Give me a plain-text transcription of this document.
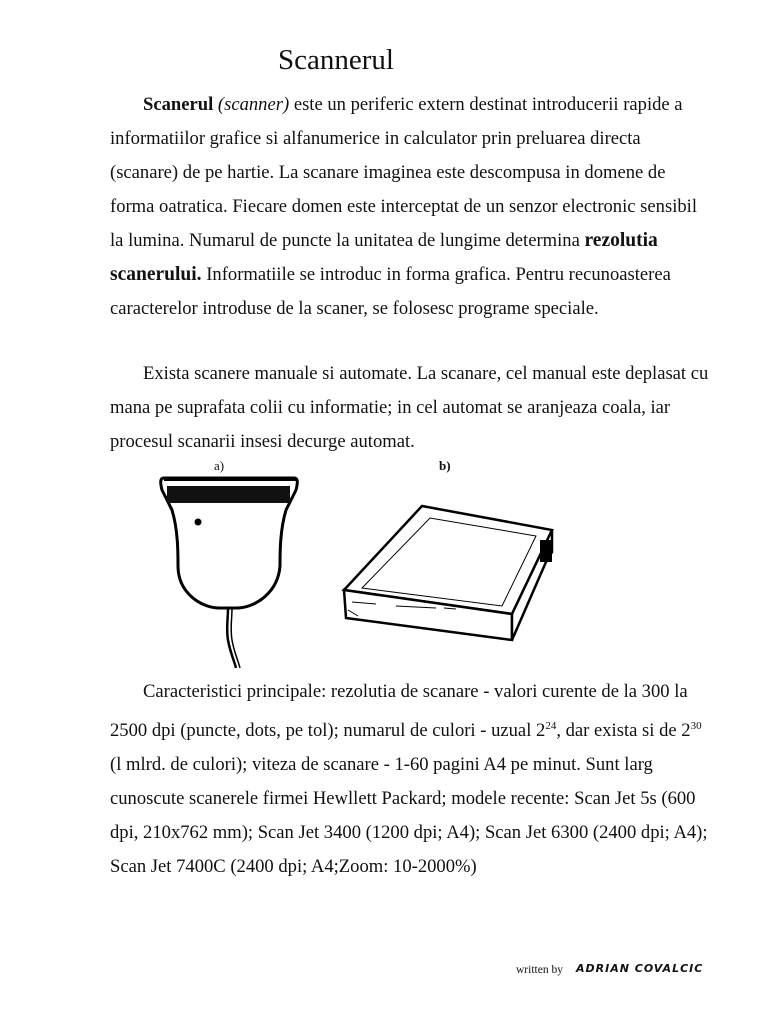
Scannerul

Scanerul (scanner) este un periferic extern destinat introducerii rapide a informatiilor grafice si alfanumerice in calculator prin preluarea directa (scanare) de pe hartie. La scanare imaginea este descompusa in domene de forma oatratica. Fiecare domen este interceptat de un senzor electronic sensibil la lumina. Numarul de puncte la unitatea de lungime determina rezolutia scanerului. Informatiile se introduc in forma grafica. Pentru recunoasterea caracterelor introduse de la scaner, se folosesc programe speciale.

Exista scanere manuale si automate. La scanare, cel manual este deplasat cu mana pe suprafata colii cu informatie; in cel automat se aranjeaza coala, iar procesul scanarii insesi decurge automat.

a)	b)

Caracteristici principale: rezolutia de scanare - valori curente de la 300 la 2500 dpi (puncte, dots, pe tol); numarul de culori - uzual $2^{24}$, dar exista si de $2^{30}$ (l mlrd. de culori); viteza de scanare - 1-60 pagini A4 pe minut. Sunt larg cunoscute scanerele firmei Hewllett Packard; modele recente: Scan Jet 5s (600 dpi, 210x762 mm); Scan Jet 3400 (1200 dpi; A4); Scan Jet 6300 (2400 dpi; A4); Scan Jet 7400C (2400 dpi; A4;Zoom: 10-2000%)

written by ADRIAN COVALCIC
